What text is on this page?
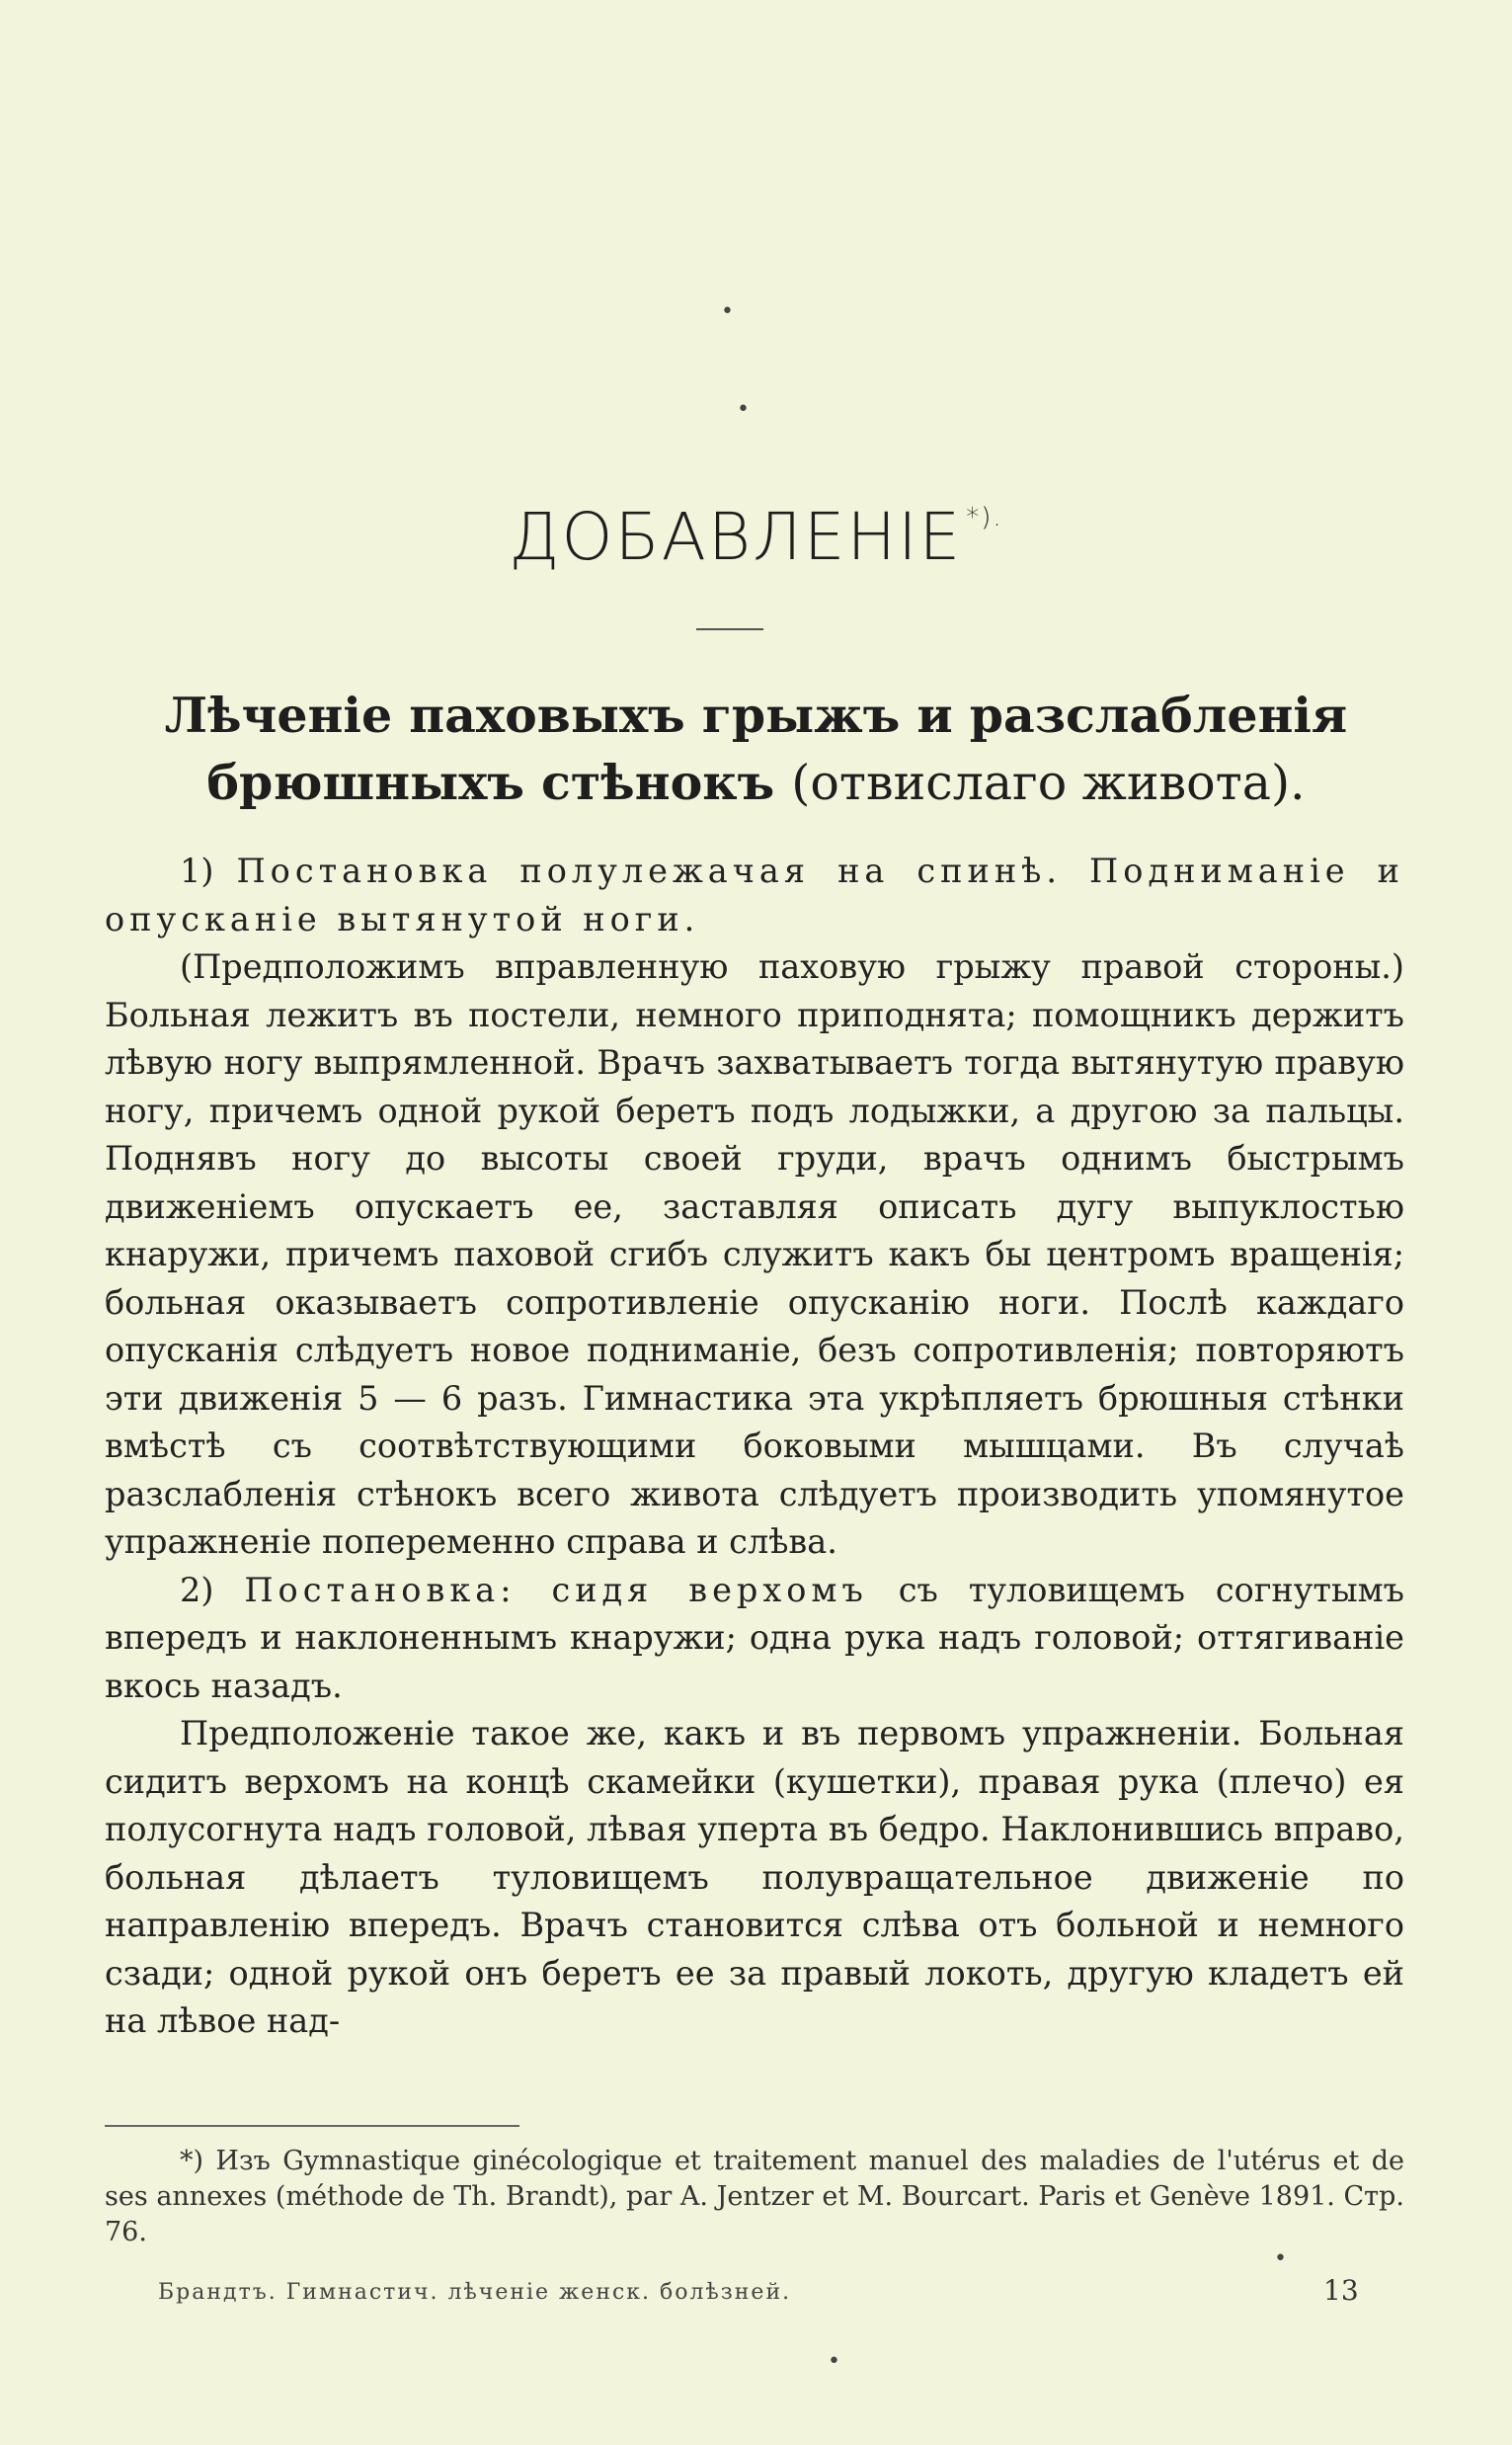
•
•
ДОБАВЛЕНІЕ *).
Лѣченіе паховыхъ грыжъ и разслабленія
брюшныхъ стѣнокъ (отвислаго живота).

1) Постановка полулежачая на спинѣ. Подниманіе и опусканіе вытянутой ноги.

(Предположимъ вправленную паховую грыжу правой стороны.) Больная лежитъ въ постели, немного приподнята; помощникъ держитъ лѣвую ногу выпрямленной. Врачъ захватываетъ тогда вытянутую правую ногу, причемъ одной рукой беретъ подъ лодыжки, а другою за пальцы. Поднявъ ногу до высоты своей груди, врачъ однимъ быстрымъ движеніемъ опускаетъ ее, заставляя описать дугу выпуклостью кнаружи, причемъ паховой сгибъ служитъ какъ бы центромъ вращенія; больная оказываетъ сопротивленіе опусканію ноги. Послѣ каждаго опусканія слѣдуетъ новое подниманіе, безъ сопротивленія; повторяютъ эти движенія 5 — 6 разъ. Гимнастика эта укрѣпляетъ брюшныя стѣнки вмѣстѣ съ соотвѣтствующими боковыми мышцами. Въ случаѣ разслабленія стѣнокъ всего живота слѣдуетъ производить упомянутое упражненіе попеременно справа и слѣва.

2) Постановка: сидя верхомъ съ туловищемъ согнутымъ впередъ и наклоненнымъ кнаружи; одна рука надъ головой; оттягиваніе вкось назадъ.

Предположеніе такое же, какъ и въ первомъ упражненіи. Больная сидитъ верхомъ на концѣ скамейки (кушетки), правая рука (плечо) ея полусогнута надъ головой, лѣвая уперта въ бедро. Наклонившись вправо, больная дѣлаетъ туловищемъ полувращательное движеніе по направленію впередъ. Врачъ становится слѣва отъ больной и немного сзади; одной рукой онъ беретъ ее за правый локоть, другую кладетъ ей на лѣвое над-

*) Изъ Gymnastique ginécologique et traitement manuel des maladies de l'utérus et de ses annexes (méthode de Th. Brandt), par A. Jentzer et M. Bourcart. Paris et Genève 1891. Стр. 76.
•
Брандтъ. Гимнастич. лѣченіе женск. болѣзней.	13
•
